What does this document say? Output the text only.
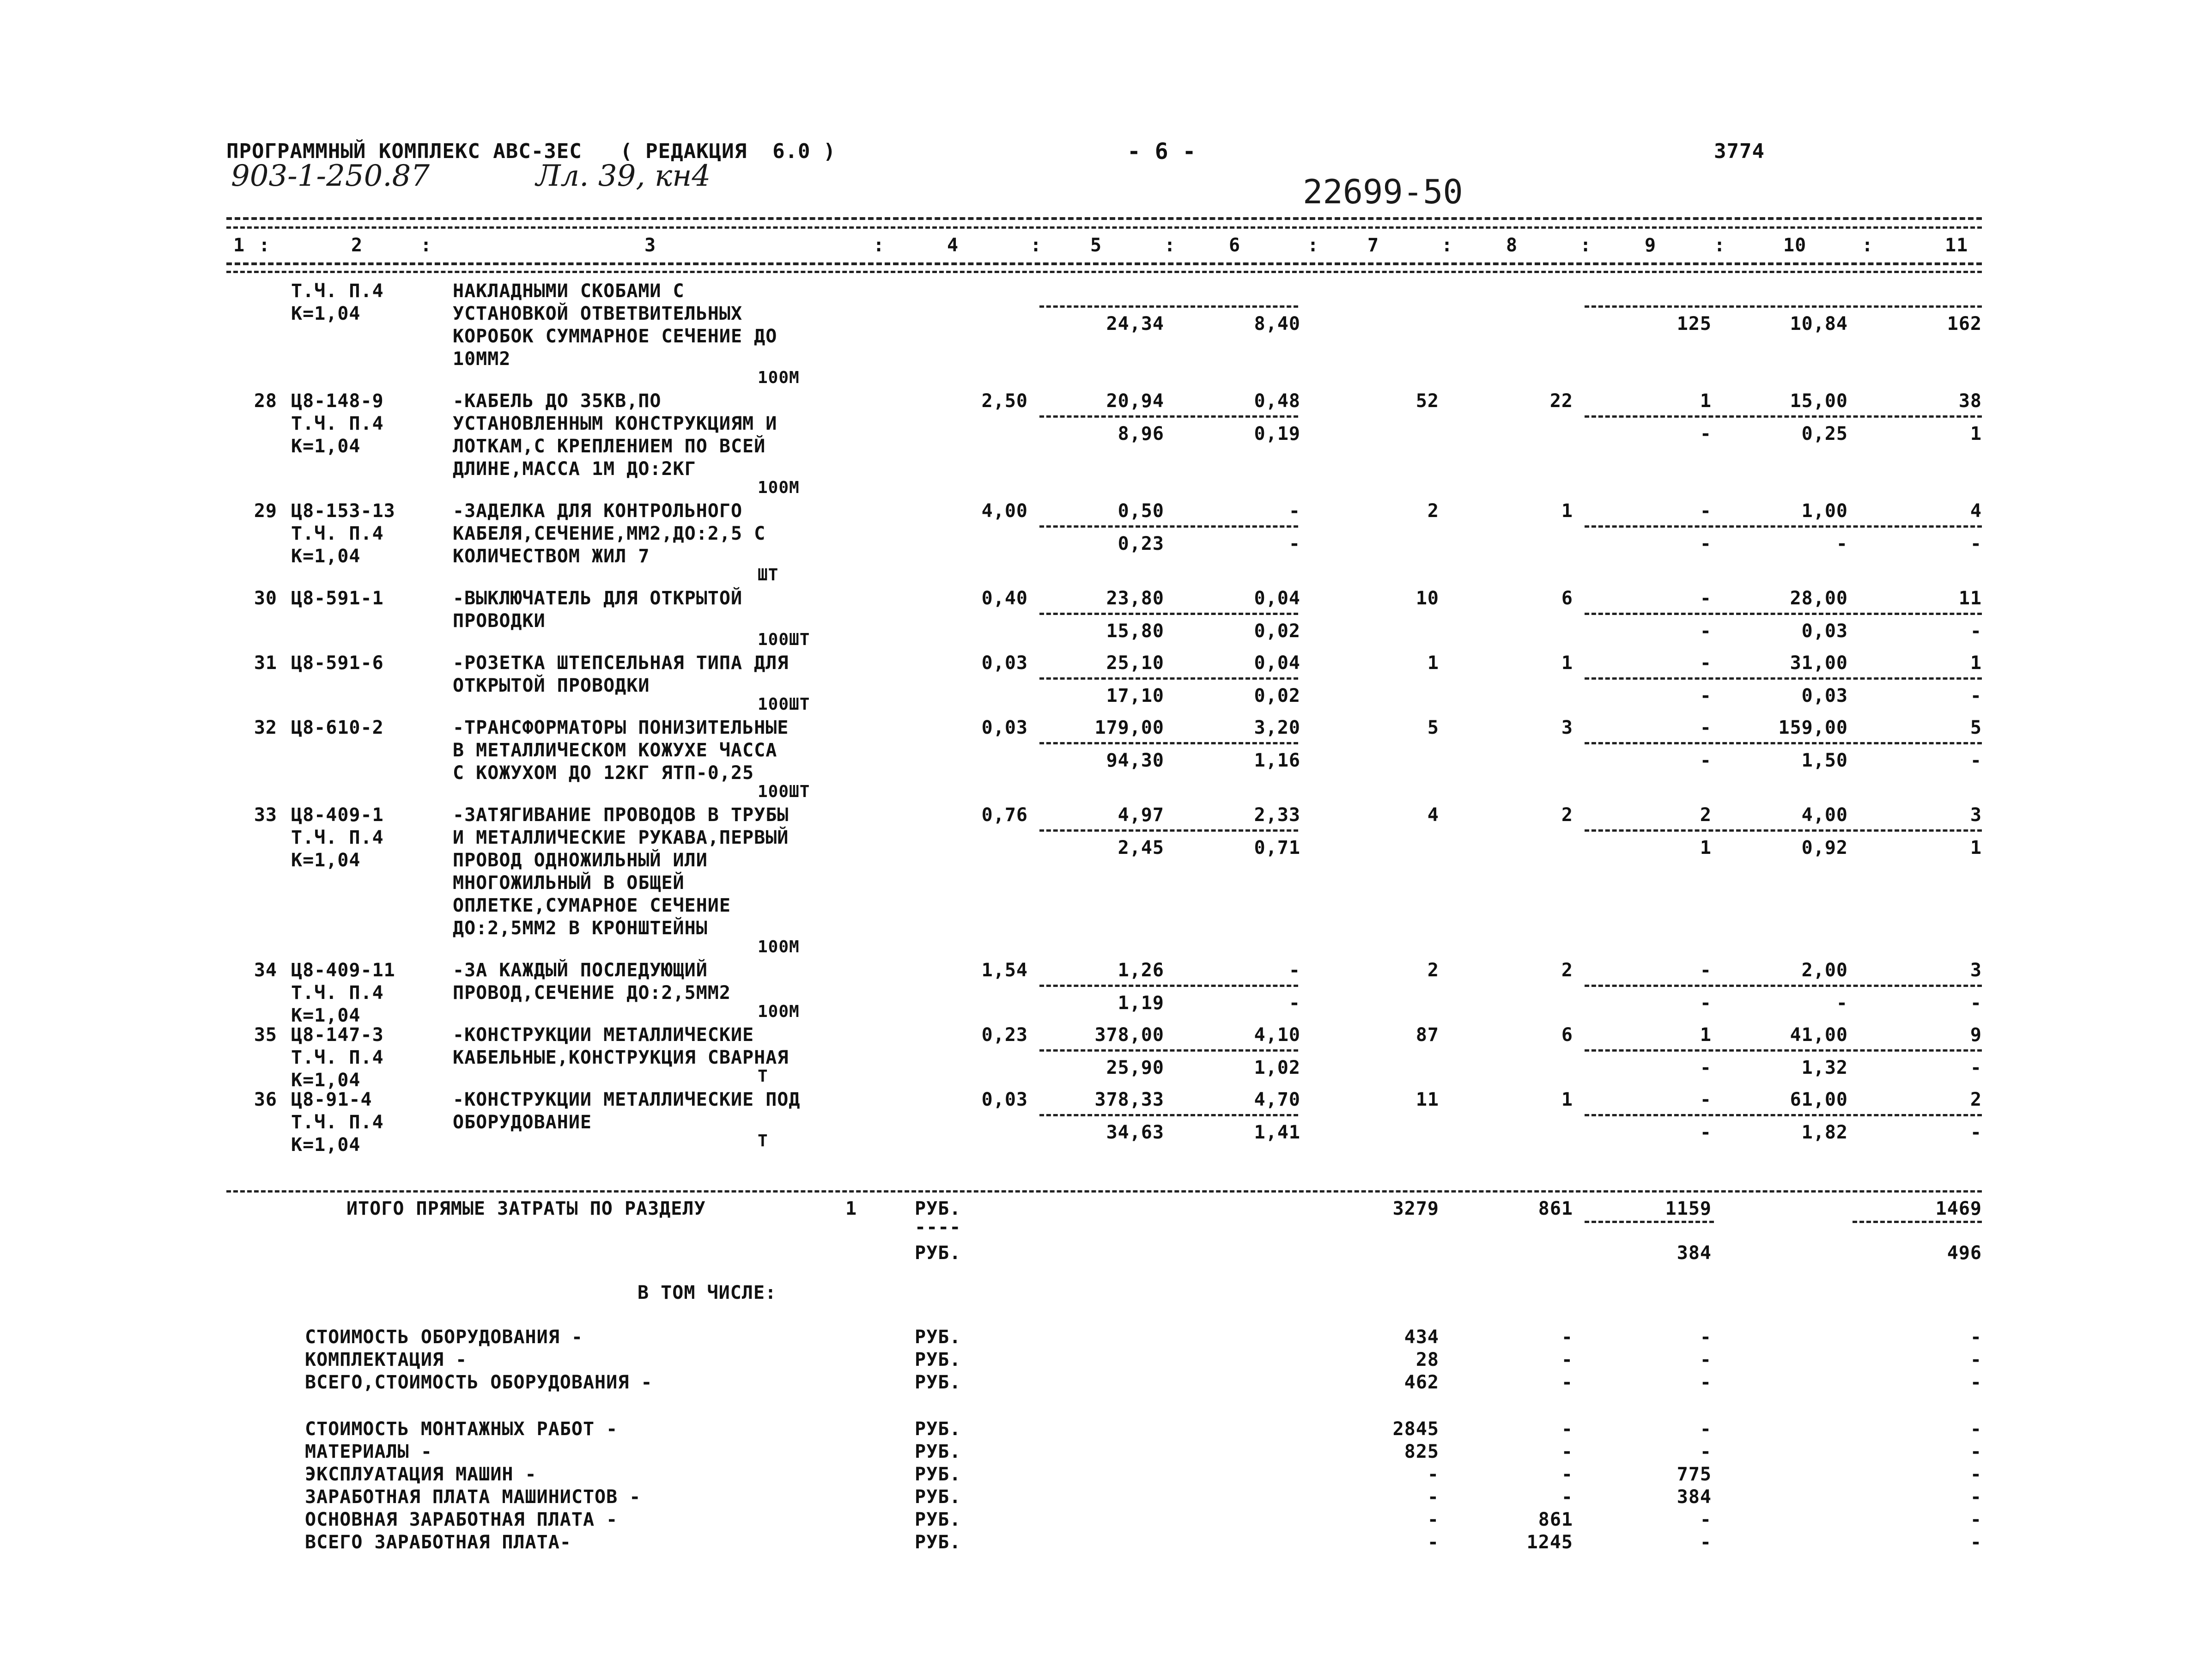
ПРОГРАММНЫЙ КОМПЛЕКС АВС-ЗЕС   ( РЕДАКЦИЯ  6.0 )	- 6 -	3774
903-1-250.87	Лл. 39, кн4	22699-50
1	2	3	4	5	6	7	8	9	10	11
:	:	:	:	:	:	:	:	:	:
Т.Ч. П.4
К=1,04
НАКЛАДНЫМИ СКОБАМИ С
УСТАНОВКОЙ ОТВЕТВИТЕЛЬНЫХ
КОРОБОК СУММАРНОЕ СЕЧЕНИЕ ДО
10ММ2
100М
24,34	8,40	125	10,84	162
28 Ц8-148-9
Т.Ч. П.4
К=1,04
-КАБЕЛЬ ДО 35КВ,ПО
УСТАНОВЛЕННЫМ КОНСТРУКЦИЯМ И
ЛОТКАМ,С КРЕПЛЕНИЕМ ПО ВСЕЙ
ДЛИНЕ,МАССА 1М ДО:2КГ
100М
2,50	20,94	0,48	52	22	1	15,00	38
8,96	0,19	-	0,25	1
29 Ц8-153-13
Т.Ч. П.4
К=1,04
-ЗАДЕЛКА ДЛЯ КОНТРОЛЬНОГО
КАБЕЛЯ,СЕЧЕНИЕ,ММ2,ДО:2,5 С
КОЛИЧЕСТВОМ ЖИЛ 7
ШТ
4,00	0,50	-	2	1	-	1,00	4
0,23	-	-	-	-
30 Ц8-591-1	-ВЫКЛЮЧАТЕЛЬ ДЛЯ ОТКРЫТОЙ
ПРОВОДКИ
100ШТ
0,40	23,80	0,04	10	6	-	28,00	11
15,80	0,02	-	0,03	-
31 Ц8-591-6	-РОЗЕТКА ШТЕПСЕЛЬНАЯ ТИПА ДЛЯ
ОТКРЫТОЙ ПРОВОДКИ
100ШТ
0,03	25,10	0,04	1	1	-	31,00	1
17,10	0,02	-	0,03	-
32 Ц8-610-2	-ТРАНСФОРМАТОРЫ ПОНИЗИТЕЛЬНЫЕ
В МЕТАЛЛИЧЕСКОМ КОЖУХЕ ЧАССА
С КОЖУХОМ ДО 12КГ ЯТП-0,25
100ШТ
0,03	179,00	3,20	5	3	-	159,00	5
94,30	1,16	-	1,50	-
33 Ц8-409-1
Т.Ч. П.4
К=1,04
-ЗАТЯГИВАНИЕ ПРОВОДОВ В ТРУБЫ
И МЕТАЛЛИЧЕСКИЕ РУКАВА,ПЕРВЫЙ
ПРОВОД ОДНОЖИЛЬНЫЙ ИЛИ
МНОГОЖИЛЬНЫЙ В ОБЩЕЙ
ОПЛЕТКЕ,СУМАРНОЕ СЕЧЕНИЕ
ДО:2,5ММ2 В КРОНШТЕЙНЫ
100М
0,76	4,97	2,33	4	2	2	4,00	3
2,45	0,71	1	0,92	1
34 Ц8-409-11
Т.Ч. П.4
К=1,04
-ЗА КАЖДЫЙ ПОСЛЕДУЮЩИЙ
ПРОВОД,СЕЧЕНИЕ ДО:2,5ММ2
100М
1,54	1,26	-	2	2	-	2,00	3
1,19	-	-	-	-
35 Ц8-147-3
Т.Ч. П.4
К=1,04
-КОНСТРУКЦИИ МЕТАЛЛИЧЕСКИЕ
КАБЕЛЬНЫЕ,КОНСТРУКЦИЯ СВАРНАЯ
Т
0,23	378,00	4,10	87	6	1	41,00	9
25,90	1,02	-	1,32	-
36 Ц8-91-4
Т.Ч. П.4
К=1,04
-КОНСТРУКЦИИ МЕТАЛЛИЧЕСКИЕ ПОД
ОБОРУДОВАНИЕ
Т
0,03	378,33	4,70	11	1	-	61,00	2
34,63	1,41	-	1,82	-
ИТОГО ПРЯМЫЕ ЗАТРАТЫ ПО РАЗДЕЛУ	1	РУБ.
----
3279	861	1159	1469
РУБ.	384	496
В ТОМ ЧИСЛЕ:
СТОИМОСТЬ ОБОРУДОВАНИЯ -	РУБ.	434	-	-	-
КОМПЛЕКТАЦИЯ -	РУБ.	28	-	-	-
ВСЕГО,СТОИМОСТЬ ОБОРУДОВАНИЯ -	РУБ.	462	-	-	-
СТОИМОСТЬ МОНТАЖНЫХ РАБОТ -	РУБ.	2845	-	-	-
МАТЕРИАЛЫ -	РУБ.	825	-	-	-
ЭКСПЛУАТАЦИЯ МАШИН -	РУБ.	-	-	775	-
ЗАРАБОТНАЯ ПЛАТА МАШИНИСТОВ -	РУБ.	-	-	384	-
ОСНОВНАЯ ЗАРАБОТНАЯ ПЛАТА -	РУБ.	-	861	-	-
ВСЕГО ЗАРАБОТНАЯ ПЛАТА-	РУБ.	-	1245	-	-
